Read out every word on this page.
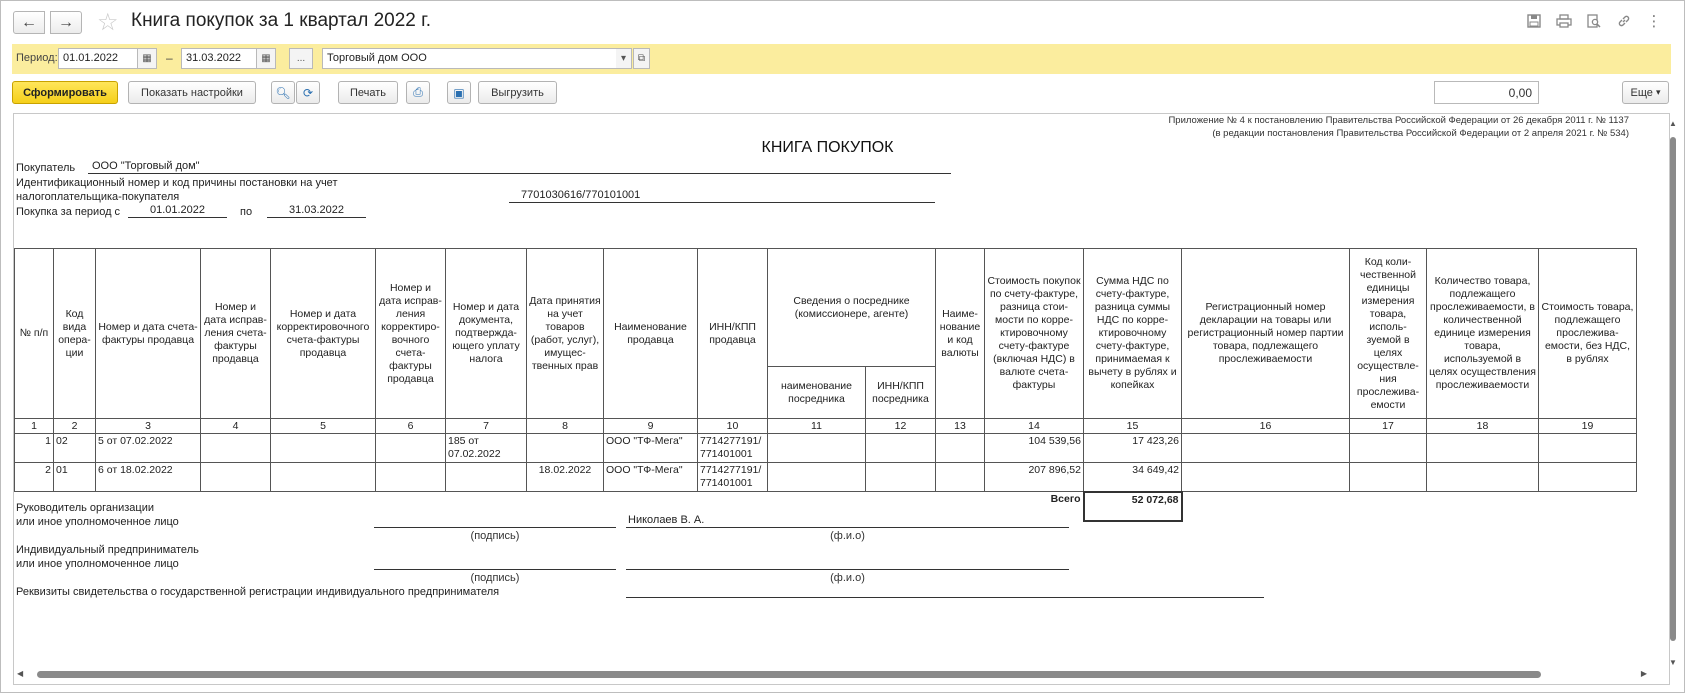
← → ☆ Книга покупок за 1 квартал 2022 г.	⋮
Период: 01.01.2022	▦ –	31.03.2022	▦	...	Торговый дом ООО	▾ ⧉
Сформировать	Показать настройки	🔍︎ ⟳	Печать	⎙	▣	Выгрузить	0,00	Еще
▾
Приложение № 4 к постановлению Правительства Российской Федерации от 26 декабря 2011 г. № 1137
(в редакции постановления Правительства Российской Федерации от 2 апреля 2021 г. № 534)
КНИГА ПОКУПОК
Покупатель	ООО "Торговый дом"
Идентификационный номер и код причины постановки на учет
налогоплательщика-покупателя	7701030616/770101001
Покупка за период с	01.01.2022	по	31.03.2022
№ п/п	Код вида опера-ции	Номер и дата счета-фактуры продавца	Номер и дата исправ-ления счета-фактуры продавца	Номер и дата корректировочного счета-фактуры продавца	Номер и дата исправ-ления корректиро-вочного счета-фактуры продавца	Номер и дата документа, подтвержда-ющего уплату налога	Дата принятия на учет товаров (работ, услуг), имущес-твенных прав	Наименование продавца	ИНН/КПП продавца	Сведения о посреднике (комиссионере, агенте)		Наиме-нование и код валюты	Стоимость покупок по счету-фактуре, разница стои-мости по корре-ктировочному счету-фактуре (включая НДС) в валюте счета-фактуры	Сумма НДС по счету-фактуре, разница суммы НДС по корре-ктировочному счету-фактуре, принимаемая к вычету в рублях и копейках	Регистрационный номер декларации на товары или регистрационный номер партии товара, подлежащего прослеживаемости	Код коли-чественной единицы измерения товара, исполь-зуемой в целях осуществле-ния прослежива-емости	Количество товара, подлежащего прослеживаемости, в количественной единице измерения товара, используемой в целях осуществления прослеживаемости	Стоимость товара, подлежащего прослежива-емости, без НДС, в рублях
										наименование посредника	ИНН/КПП посредника							
1	2	3	4	5	6	7	8	9	10	11	12	13	14	15	16	17	18	19
1	02	5 от 07.02.2022				185 от 07.02.2022		ООО "ТФ-Мега"	7714277191/ 771401001				104 539,56	17 423,26				
2	01	6 от 18.02.2022					18.02.2022	ООО "ТФ-Мега"	7714277191/ 771401001				207 896,52	34 649,42				
													Всего	52 072,68				
Руководитель организации
или иное уполномоченное лицо	Николаев В. А.
(подпись)	(ф.и.о)
Индивидуальный предприниматель
или иное уполномоченное лицо
(подпись)	(ф.и.о)
Реквизиты свидетельства о государственной регистрации индивидуального предпринимателя
▲
▼
◀	▶
